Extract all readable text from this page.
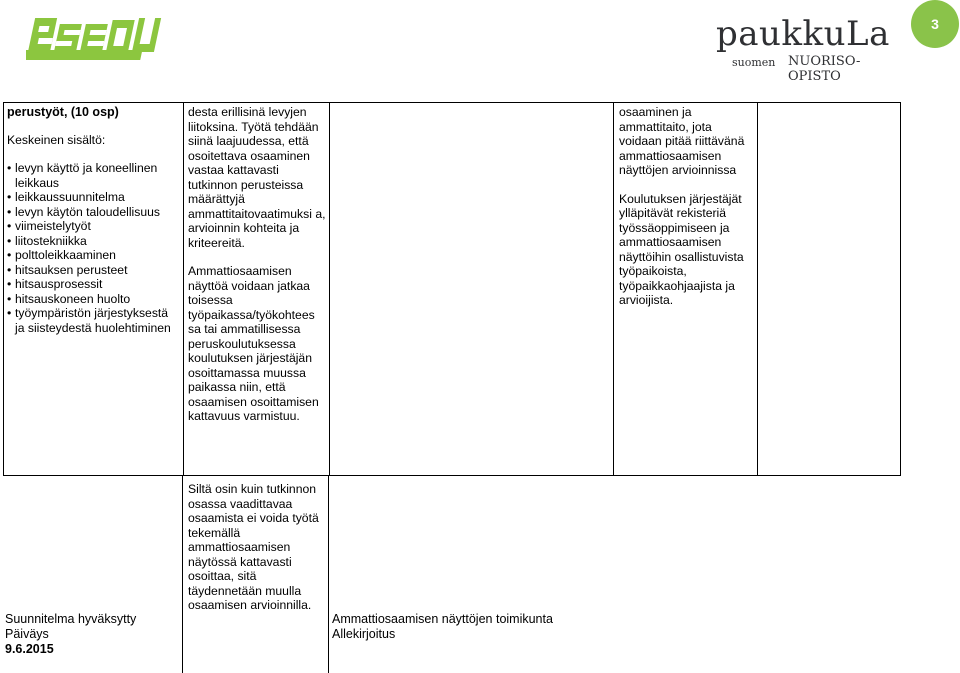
paukkuLa
suomen NUORISO-OPISTO
3
perustyöt, (10 osp)
Keskeinen sisältö:
• levyn käyttö ja koneellinen leikkaus
• leikkaussuunnitelma
• levyn käytön taloudellisuus
• viimeistelytyöt
• liitostekniikka
• polttoleikkaaminen
• hitsauksen perusteet
• hitsausprosessit
• hitsauskoneen huolto
• työympäristön järjestyksestä ja siisteydestä huolehtiminen
desta erillisinä levyjen liitoksina. Työtä tehdään siinä laajuudessa, että osoitettava osaaminen vastaa kattavasti tutkinnon perusteissa määrättyjä ammattitaitovaatimuksi a, arvioinnin kohteita ja kriteereitä.
Ammattiosaamisen näyttöä voidaan jatkaa toisessa työpaikassa/työkohtees sa tai ammatillisessa peruskoulutuksessa koulutuksen järjestäjän osoittamassa muussa paikassa niin, että osaamisen osoittamisen kattavuus varmistuu.
osaaminen ja ammattitaito, jota voidaan pitää riittävänä ammattiosaamisen näyttöjen arvioinnissa
Koulutuksen järjestäjät ylläpitävät rekisteriä työssäoppimiseen ja ammattiosaamisen näyttöihin osallistuvista työpaikoista, työpaikkaohjaajista ja arvioijista.
Siltä osin kuin tutkinnon osassa vaadittavaa osaamista ei voida työtä tekemällä ammattiosaamisen näytössä kattavasti osoittaa, sitä täydennetään muulla osaamisen arvioinnilla.
Suunnitelma hyväksytty
Päiväys
9.6.2015
Ammattiosaamisen näyttöjen toimikunta
Allekirjoitus
